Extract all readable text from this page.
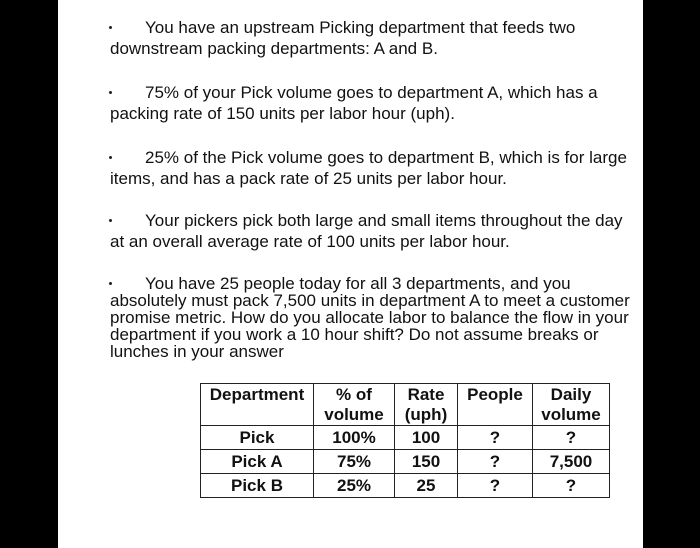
You have an upstream Picking department that feeds two downstream packing departments: A and B.
75% of your Pick volume goes to department A, which has a packing rate of 150 units per labor hour (uph).
25% of the Pick volume goes to department B, which is for large items, and has a pack rate of 25 units per labor hour.
Your pickers pick both large and small items throughout the day at an overall average rate of 100 units per labor hour.
You have 25 people today for all 3 departments, and you absolutely must pack 7,500 units in department A to meet a customer promise metric. How do you allocate labor to balance the flow in your department if you work a 10 hour shift? Do not assume breaks or lunches in your answer
Department	% of volume	Rate (uph)	People	Daily volume
Pick	100%	100	?	?
Pick A	75%	150	?	7,500
Pick B	25%	25	?	?
